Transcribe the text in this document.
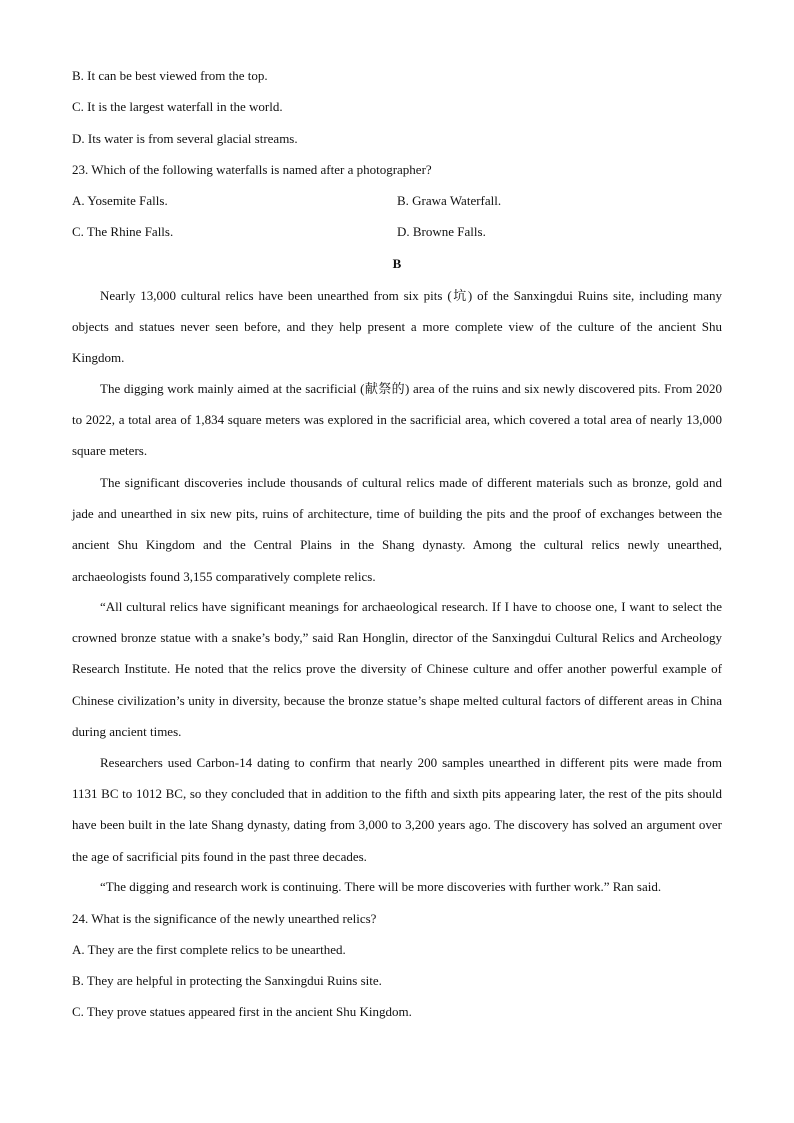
B. It can be best viewed from the top.
C. It is the largest waterfall in the world.
D. Its water is from several glacial streams.
23. Which of the following waterfalls is named after a photographer?
A. Yosemite Falls.	B. Grawa Waterfall.
C. The Rhine Falls.	D. Browne Falls.
B

Nearly 13,000 cultural relics have been unearthed from six pits (坑) of the Sanxingdui Ruins site, including many objects and statues never seen before, and they help present a more complete view of the culture of the ancient Shu Kingdom.

The digging work mainly aimed at the sacrificial (献祭的) area of the ruins and six newly discovered pits. From 2020 to 2022, a total area of 1,834 square meters was explored in the sacrificial area, which covered a total area of nearly 13,000 square meters.

The significant discoveries include thousands of cultural relics made of different materials such as bronze, gold and jade and unearthed in six new pits, ruins of architecture, time of building the pits and the proof of exchanges between the ancient Shu Kingdom and the Central Plains in the Shang dynasty. Among the cultural relics newly unearthed, archaeologists found 3,155 comparatively complete relics.

“All cultural relics have significant meanings for archaeological research. If I have to choose one, I want to select the crowned bronze statue with a snake’s body,” said Ran Honglin, director of the Sanxingdui Cultural Relics and Archeology Research Institute. He noted that the relics prove the diversity of Chinese culture and offer another powerful example of Chinese civilization’s unity in diversity, because the bronze statue’s shape melted cultural factors of different areas in China during ancient times.

Researchers used Carbon-14 dating to confirm that nearly 200 samples unearthed in different pits were made from 1131 BC to 1012 BC, so they concluded that in addition to the fifth and sixth pits appearing later, the rest of the pits should have been built in the late Shang dynasty, dating from 3,000 to 3,200 years ago. The discovery has solved an argument over the age of sacrificial pits found in the past three decades.

“The digging and research work is continuing. There will be more discoveries with further work.” Ran said.

24. What is the significance of the newly unearthed relics?
A. They are the first complete relics to be unearthed.
B. They are helpful in protecting the Sanxingdui Ruins site.
C. They prove statues appeared first in the ancient Shu Kingdom.
